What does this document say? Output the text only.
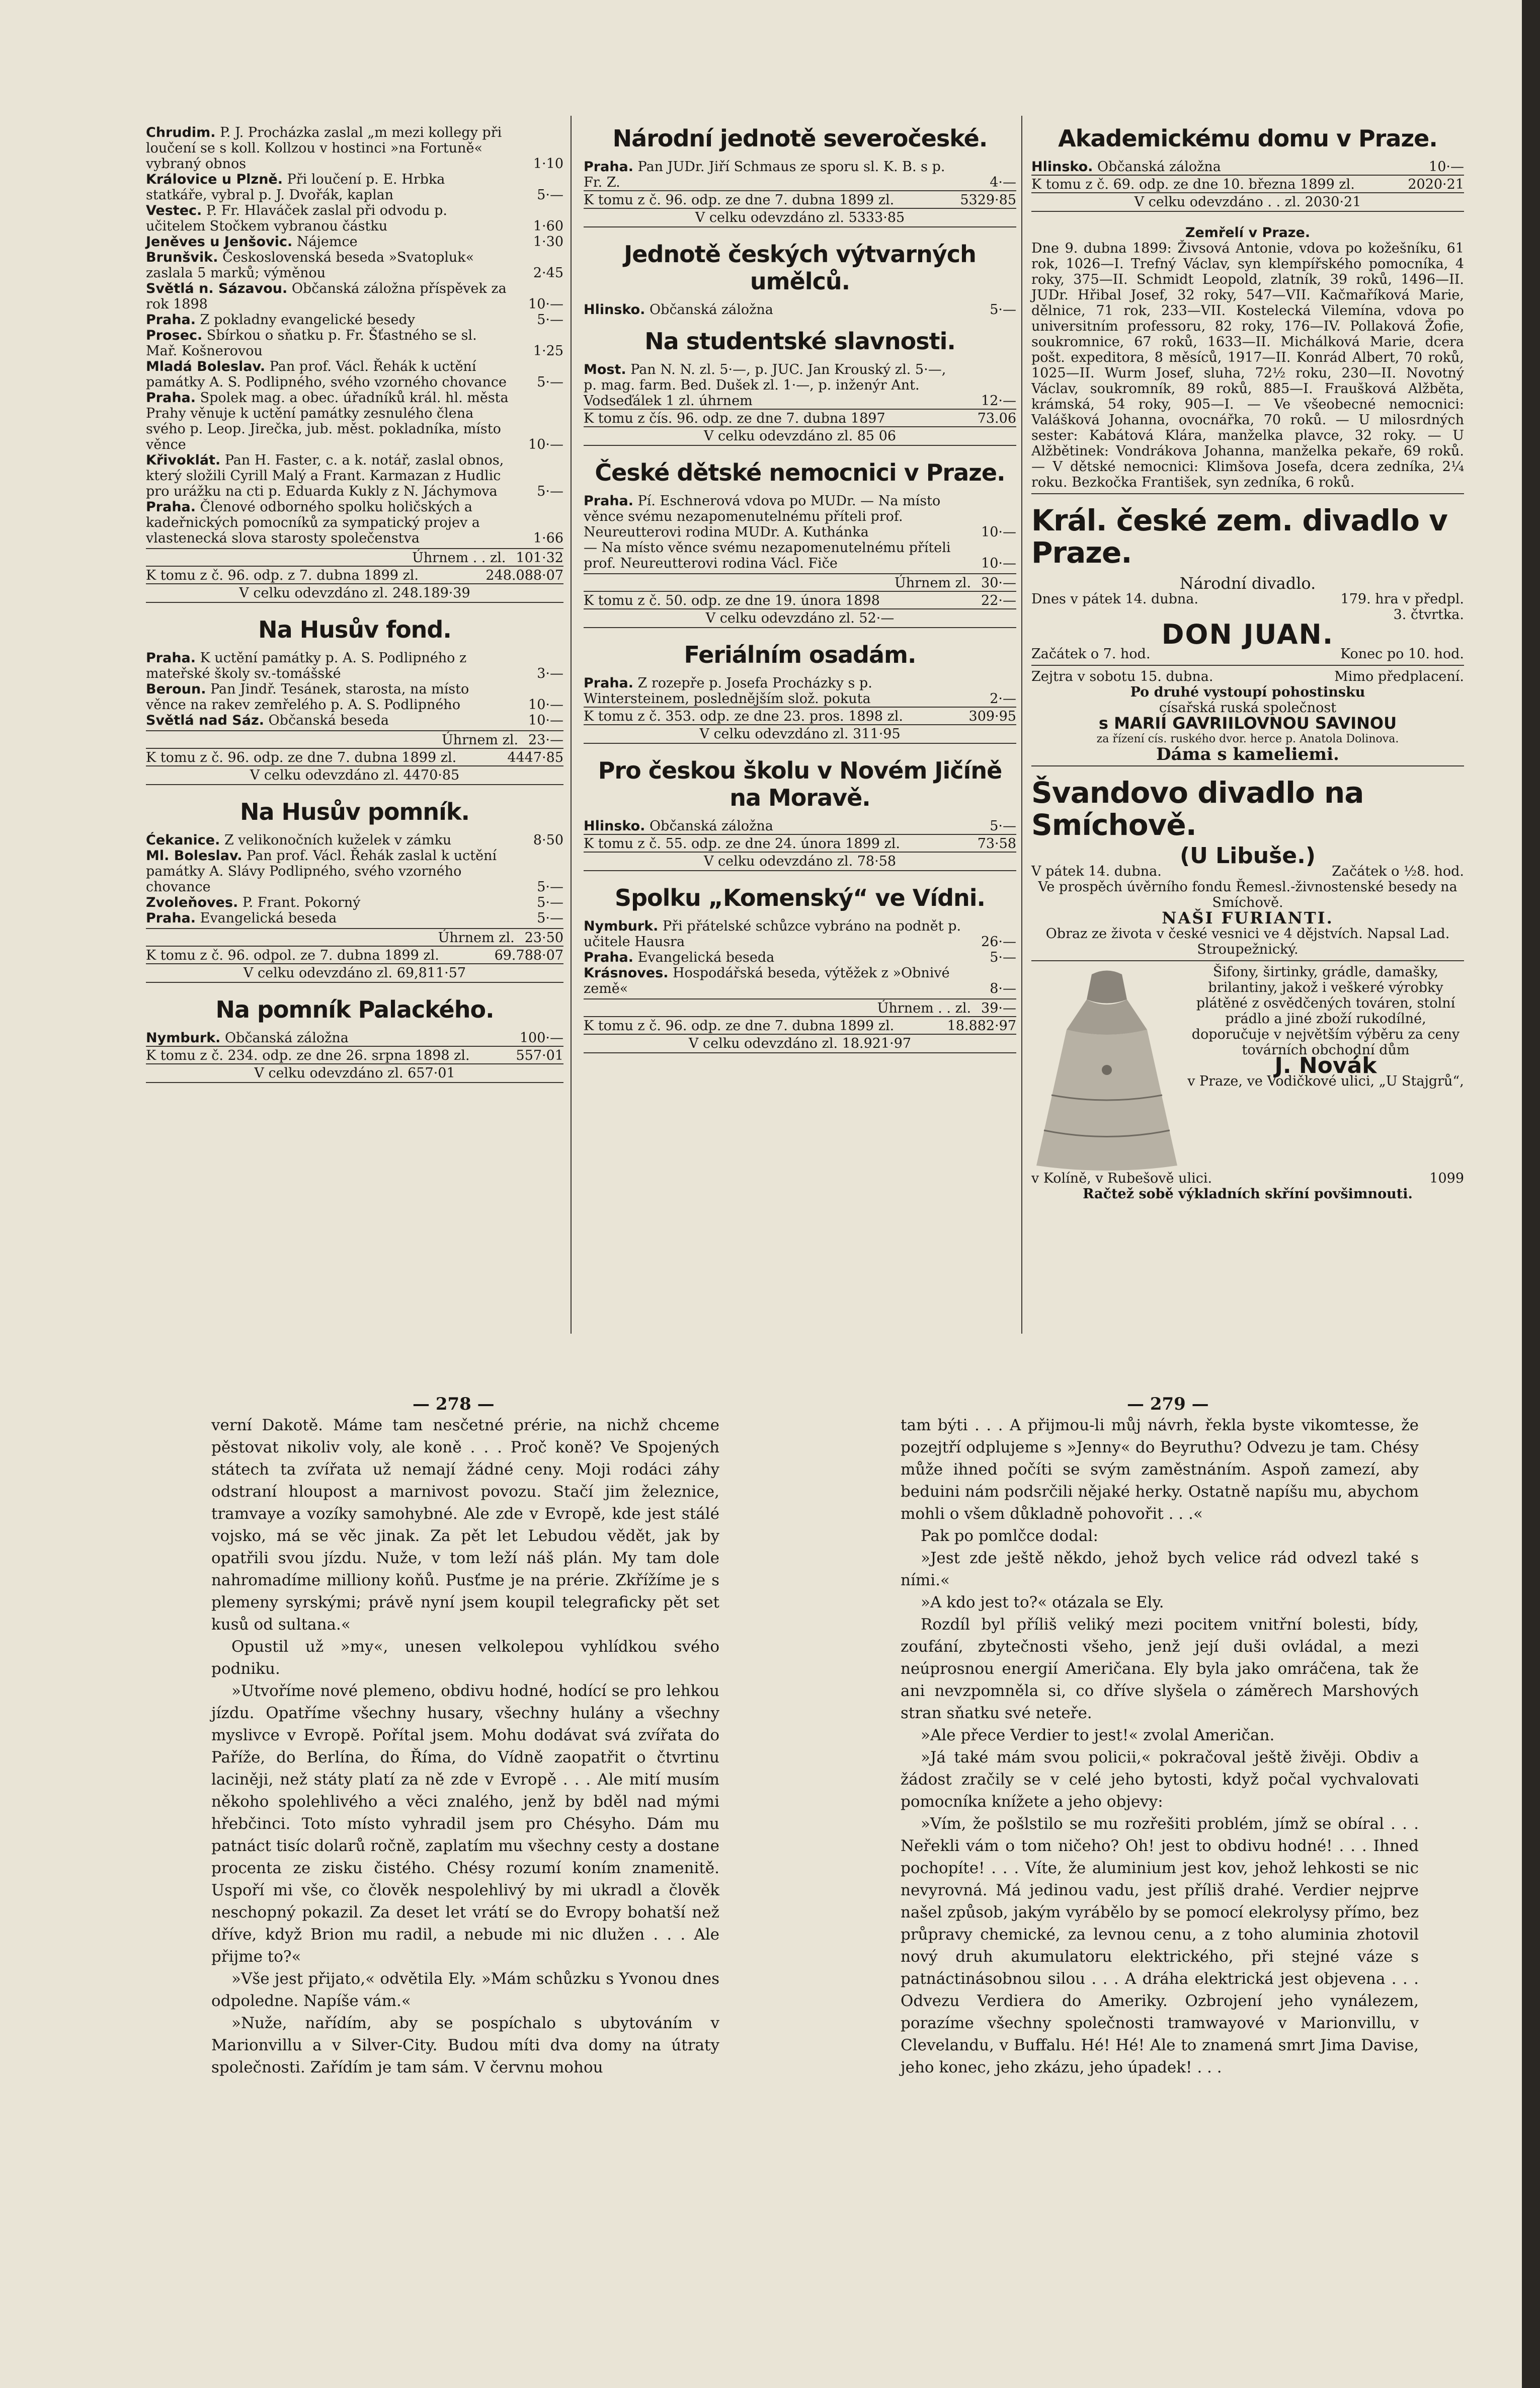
Chrudim. P. J. Procházka zaslal „m mezi kollegy při loučení se s koll. Kollzou v hostinci »na Fortuně« vybraný obnos	1·10
Královice u Plzně. Při loučení p. E. Hrbka statkáře, vybral p. J. Dvořák, kaplan	5·—
Vestec. P. Fr. Hlaváček zaslal při odvodu p. učitelem Stočkem vybranou částku	1·60
Jeněves u Jenšovic. Nájemce	1·30
Brunšvik. Československá beseda »Svatopluk« zaslala 5 marků; výměnou	2·45
Světlá n. Sázavou. Občanská záložna příspěvek za rok 1898	10·—
Praha. Z pokladny evangelické besedy	5·—
Prosec. Sbírkou o sňatku p. Fr. Šťastného se sl. Mař. Košnerovou	1·25
Mladá Boleslav. Pan prof. Václ. Řehák k uctění památky A. S. Podlipného, svého vzorného chovance	5·—
Praha. Spolek mag. a obec. úřadníků král. hl. města Prahy věnuje k uctění památky zesnulého člena svého p. Leop. Jirečka, jub. měst. pokladníka, místo věnce	10·—
Křivoklát. Pan H. Faster, c. a k. notář, zaslal obnos, který složili Cyrill Malý a Frant. Karmazan z Hudlic pro urážku na cti p. Eduarda Kukly z N. Jáchymova	5·—
Praha. Členové odborného spolku holičských a kadeřnických pomocníků za sympatický projev a vlastenecká slova starosty společenstva	1·66
Úhrnem . . zl. 101·32
K tomu z č. 96. odp. z 7. dubna 1899 zl.	248.088·07
V celku odevzdáno zl. 248.189·39
Na Husův fond.
Praha. K uctění památky p. A. S. Podlipného z mateřské školy sv.-tomášské	3·—
Beroun. Pan Jindř. Tesánek, starosta, na místo věnce na rakev zemřelého p. A. S. Podlipného	10·—
Světlá nad Sáz. Občanská beseda	10·—
Úhrnem zl. 23·—
K tomu z č. 96. odp. ze dne 7. dubna 1899 zl.	4447·85
V celku odevzdáno zl. 4470·85
Na Husův pomník.
Ćekanice. Z velikonočních kuželek v zámku	8·50
Ml. Boleslav. Pan prof. Václ. Řehák zaslal k uctění památky A. Slávy Podlipného, svého vzorného chovance	5·—
Zvoleňoves. P. Frant. Pokorný	5·—
Praha. Evangelická beseda	5·—
Úhrnem zl. 23·50
K tomu z č. 96. odpol. ze 7. dubna 1899 zl.	69.788·07
V celku odevzdáno zl. 69,811·57
Na pomník Palackého.
Nymburk. Občanská záložna	100·—
K tomu z č. 234. odp. ze dne 26. srpna 1898 zl.	557·01
V celku odevzdáno zl. 657·01
Národní jednotě severočeské.
Praha. Pan JUDr. Jiří Schmaus ze sporu sl. K. B. s p. Fr. Z.	4·—
K tomu z č. 96. odp. ze dne 7. dubna 1899 zl.	5329·85
V celku odevzdáno zl. 5333·85
Jednotě českých výtvarných umělců.
Hlinsko. Občanská záložna	5·—
Na studentské slavnosti.
Most. Pan N. N. zl. 5·—, p. JUC. Jan Krouský zl. 5·—, p. mag. farm. Bed. Dušek zl. 1·—, p. inženýr Ant. Vodseďálek 1 zl. úhrnem	12·—
K tomu z čís. 96. odp. ze dne 7. dubna 1897	73.06
V celku odevzdáno zl. 85 06
České dětské nemocnici v Praze.
Praha. Pí. Eschnerová vdova po MUDr. — Na místo věnce svému nezapomenutelnému příteli prof. Neureutterovi rodina MUDr. A. Kuthánka	10·—
— Na místo věnce svému nezapomenutelnému příteli prof. Neureutterovi rodina Václ. Fiče	10·—
Úhrnem zl. 30·—
K tomu z č. 50. odp. ze dne 19. února 1898	22·—
V celku odevzdáno zl. 52·—
Feriálním osadám.
Praha. Z rozepře p. Josefa Procházky s p. Wintersteinem, poslednějším slož. pokuta	2·—
K tomu z č. 353. odp. ze dne 23. pros. 1898 zl.	309·95
V celku odevzdáno zl. 311·95
Pro českou školu v Novém Jičíně na Moravě.
Hlinsko. Občanská záložna	5·—
K tomu z č. 55. odp. ze dne 24. února 1899 zl.	73·58
V celku odevzdáno zl. 78·58
Spolku „Komenský“ ve Vídni.
Nymburk. Při přátelské schůzce vybráno na podnět p. učitele Hausra	26·—
Praha. Evangelická beseda	5·—
Krásnoves. Hospodářská beseda, výtěžek z »Obnivé země«	8·—
Úhrnem . . zl. 39·—
K tomu z č. 96. odp. ze dne 7. dubna 1899 zl.	18.882·97
V celku odevzdáno zl. 18.921·97
Akademickému domu v Praze.
Hlinsko. Občanská záložna	10·—
K tomu z č. 69. odp. ze dne 10. března 1899 zl.	2020·21
V celku odevzdáno . . zl. 2030·21
Zemřelí v Praze.
Dne 9. dubna 1899: Živsová Antonie, vdova po kožešníku, 61 rok, 1026—I. Trefný Václav, syn klempířského pomocníka, 4 roky, 375—II. Schmidt Leopold, zlatník, 39 roků, 1496—II. JUDr. Hřibal Josef, 32 roky, 547—VII. Kačmaříková Marie, dělnice, 71 rok, 233—VII. Kostelecká Vilemína, vdova po universitním professoru, 82 roky, 176—IV. Pollaková Žofie, soukromnice, 67 roků, 1633—II. Michálková Marie, dcera pošt. expeditora, 8 měsíců, 1917—II. Konrád Albert, 70 roků, 1025—II. Wurm Josef, sluha, 72½ roku, 230—II. Novotný Václav, soukromník, 89 roků, 885—I. Fraušková Alžběta, krámská, 54 roky, 905—I. — Ve všeobecné nemocnici: Valášková Johanna, ovocnářka, 70 roků. — U milosrdných sester: Kabátová Klára, manželka plavce, 32 roky. — U Alžbětinek: Vondrákova Johanna, manželka pekaře, 69 roků. — V dětské nemocnici: Klimšova Josefa, dcera zedníka, 2¼ roku. Bezkočka František, syn zedníka, 6 roků.
Král. české zem. divadlo v Praze.
Národní divadlo.
Dnes v pátek 14. dubna.	179. hra v předpl.
3. čtvrtka.
DON JUAN.
Začátek o 7. hod.	Konec po 10. hod.
Zejtra v sobotu 15. dubna.	Mimo předplacení.
Po druhé vystoupí pohostinsku
císařská ruská společnost
s MARIÍ GAVRIILOVNOU SAVINOU
za řízení cís. ruského dvor. herce p. Anatola Dolinova.
Dáma s kameliemi.
Švandovo divadlo na Smíchově.
(U Libuše.)
V pátek 14. dubna.	Začátek o ½8. hod.
Ve prospěch úvěrního fondu Řemesl.-živnostenské besedy na Smíchově.
NAŠI FURIANTI.
Obraz ze života v české vesnici ve 4 dějstvích. Napsal Lad. Stroupežnický.
Šifony, širtinky, grádle, damašky, brilantiny, jakož i veškeré výrobky plátěné z osvědčených továren, stolní prádlo a jiné zboží rukodílné, doporučuje v největším výběru za ceny továrních obchodní dům
J. Novák
v Praze, ve Vodičkové ulici, „U Stajgrů“,
v Kolíně, v Rubešově ulici.	1099
Račtež sobě výkladních skříní povšimnouti.
— 278 —	— 279 —

verní Dakotě. Máme tam nesčetné prérie, na nichž chceme pěstovat nikoliv voly, ale koně . . . Proč koně? Ve Spojených státech ta zvířata už nemají žádné ceny. Moji rodáci záhy odstraní hloupost a marnivost povozu. Stačí jim železnice, tramvaye a vozíky samohybné. Ale zde v Evropě, kde jest stálé vojsko, má se věc jinak. Za pět let Lebudou vědět, jak by opatřili svou jízdu. Nuže, v tom leží náš plán. My tam dole nahromadíme milliony koňů. Pusťme je na prérie. Zkřížíme je s plemeny syrskými; právě nyní jsem koupil telegraficky pět set kusů od sultana.«

Opustil už »my«, unesen velkolepou vyhlídkou svého podniku.

»Utvoříme nové plemeno, obdivu hodné, hodící se pro lehkou jízdu. Opatříme všechny husary, všechny hulány a všechny myslivce v Evropě. Pořítal jsem. Mohu dodávat svá zvířata do Paříže, do Berlína, do Říma, do Vídně zaopatřit o čtvrtinu laciněji, než státy platí za ně zde v Evropě . . . Ale mití musím někoho spolehlivého a věci znalého, jenž by bděl nad mými hřebčinci. Toto místo vyhradil jsem pro Chésyho. Dám mu patnáct tisíc dolarů ročně, zaplatím mu všechny cesty a dostane procenta ze zisku čistého. Chésy rozumí koním znamenitě. Uspoří mi vše, co člověk nespolehlivý by mi ukradl a člověk neschopný pokazil. Za deset let vrátí se do Evropy bohatší než dříve, když Brion mu radil, a nebude mi nic dlužen . . . Ale přijme to?«

»Vše jest přijato,« odvětila Ely. »Mám schůzku s Yvonou dnes odpoledne. Napíše vám.«

»Nuže, nařídím, aby se pospíchalo s ubytováním v Marionvillu a v Silver-City. Budou míti dva domy na útraty společnosti. Zařídím je tam sám. V červnu mohou

tam býti . . . A přijmou-li můj návrh, řekla byste vikomtesse, že pozejtří odplujeme s »Jenny« do Beyruthu? Odvezu je tam. Chésy může ihned počíti se svým zaměstnáním. Aspoň zamezí, aby beduini nám podsrčili nějaké herky. Ostatně napíšu mu, abychom mohli o všem důkladně pohovořit . . .«

Pak po pomlčce dodal:

»Jest zde ještě někdo, jehož bych velice rád odvezl také s ními.«

»A kdo jest to?« otázala se Ely.

Rozdíl byl příliš veliký mezi pocitem vnitřní bolesti, bídy, zoufání, zbytečnosti všeho, jenž její duši ovládal, a mezi neúprosnou energií Američana. Ely byla jako omráčena, tak že ani nevzpomněla si, co dříve slyšela o záměrech Marshových stran sňatku své neteře.

»Ale přece Verdier to jest!« zvolal Američan.

»Já také mám svou policii,« pokračoval ještě živěji. Obdiv a žádost zračily se v celé jeho bytosti, když počal vychvalovati pomocníka knížete a jeho objevy:

»Vím, že pošlstilo se mu rozřešiti problém, jímž se obíral . . . Neřekli vám o tom ničeho? Oh! jest to obdivu hodné! . . . Ihned pochopíte! . . . Víte, že aluminium jest kov, jehož lehkosti se nic nevyrovná. Má jedinou vadu, jest příliš drahé. Verdier nejprve našel způsob, jakým vyrábělo by se pomocí elekrolysy přímo, bez průpravy chemické, za levnou cenu, a z toho aluminia zhotovil nový druh akumulatoru elektrického, při stejné váze s patnáctinásobnou silou . . . A dráha elektrická jest objevena . . . Odvezu Verdiera do Ameriky. Ozbrojení jeho vynálezem, porazíme všechny společnosti tramwayové v Marionvillu, v Clevelandu, v Buffalu. Hé! Hé! Ale to znamená smrt Jima Davise, jeho konec, jeho zkázu, jeho úpadek! . . .
